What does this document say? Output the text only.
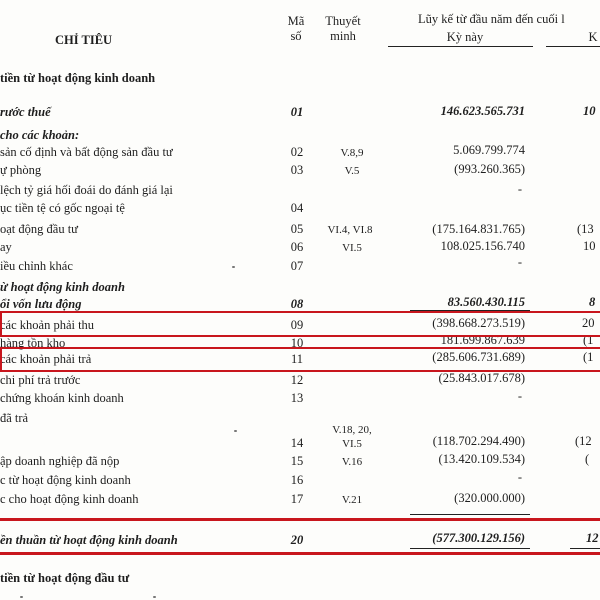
CHỈ TIÊU
Mã
số
Thuyết
minh
Lũy kế từ đầu năm đến cuối l
Kỳ này	K
tiền từ hoạt động kinh doanh
rước thuế	01	146.623.565.731	10
cho các khoản:
sản cố định và bất động sản đầu tư	02	V.8,9	5.069.799.774
ự phòng	03	V.5	(993.260.365)
lệch tỷ giá hối đoái do đánh giá lại	-
ục tiền tệ có gốc ngoại tệ	04
oạt động đầu tư	05	VI.4, VI.8	(175.164.831.765)	(13
ay	06	VI.5	108.025.156.740	10
iều chỉnh khác	07	-
ừ hoạt động kinh doanh
ổi vốn lưu động	08	83.560.430.115	8
các khoản phải thu	09	(398.668.273.519)	20
hàng tồn kho	10	181.699.867.639	(1
các khoản phải trả	11	(285.606.731.689)	(1
chi phí trả trước	12	(25.843.017.678)
chứng khoán kinh doanh	13	-
đã trả
V.18, 20,
14	VI.5	(118.702.294.490)	(12
ập doanh nghiệp đã nộp	15	V.16	(13.420.109.534)	(
c từ hoạt động kinh doanh	16	-
c cho hoạt động kinh doanh	17	V.21	(320.000.000)
ền thuần từ hoạt động kinh doanh	20	(577.300.129.156)	12
tiền từ hoạt động đầu tư
